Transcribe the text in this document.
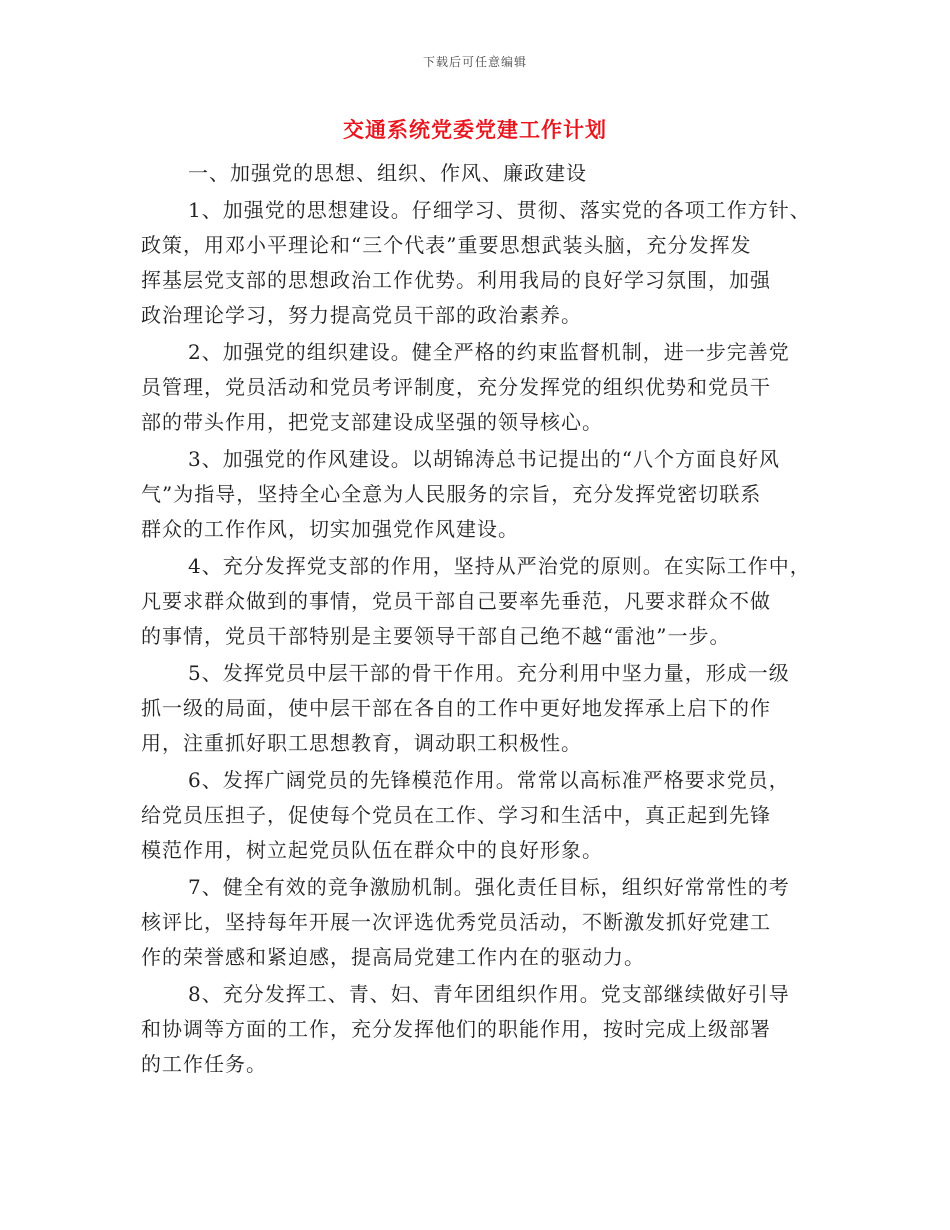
下载后可任意编辑
交通系统党委党建工作计划
一、加强党的思想、组织、作风、廉政建设
1、加强党的思想建设。仔细学习、贯彻、落实党的各项工作方针、
政策，用邓小平理论和“三个代表”重要思想武装头脑，充分发挥发
挥基层党支部的思想政治工作优势。利用我局的良好学习氛围，加强
政治理论学习，努力提高党员干部的政治素养。
2、加强党的组织建设。健全严格的约束监督机制，进一步完善党
员管理，党员活动和党员考评制度，充分发挥党的组织优势和党员干
部的带头作用，把党支部建设成坚强的领导核心。
3、加强党的作风建设。以胡锦涛总书记提出的“八个方面良好风
气”为指导，坚持全心全意为人民服务的宗旨，充分发挥党密切联系
群众的工作作风，切实加强党作风建设。
4、充分发挥党支部的作用，坚持从严治党的原则。在实际工作中，
凡要求群众做到的事情，党员干部自己要率先垂范，凡要求群众不做
的事情，党员干部特别是主要领导干部自己绝不越“雷池”一步。
5、发挥党员中层干部的骨干作用。充分利用中坚力量，形成一级
抓一级的局面，使中层干部在各自的工作中更好地发挥承上启下的作
用，注重抓好职工思想教育，调动职工积极性。
6、发挥广阔党员的先锋模范作用。常常以高标准严格要求党员，
给党员压担子，促使每个党员在工作、学习和生活中，真正起到先锋
模范作用，树立起党员队伍在群众中的良好形象。
7、健全有效的竞争激励机制。强化责任目标，组织好常常性的考
核评比，坚持每年开展一次评选优秀党员活动，不断激发抓好党建工
作的荣誉感和紧迫感，提高局党建工作内在的驱动力。
8、充分发挥工、青、妇、青年团组织作用。党支部继续做好引导
和协调等方面的工作，充分发挥他们的职能作用，按时完成上级部署
的工作任务。
